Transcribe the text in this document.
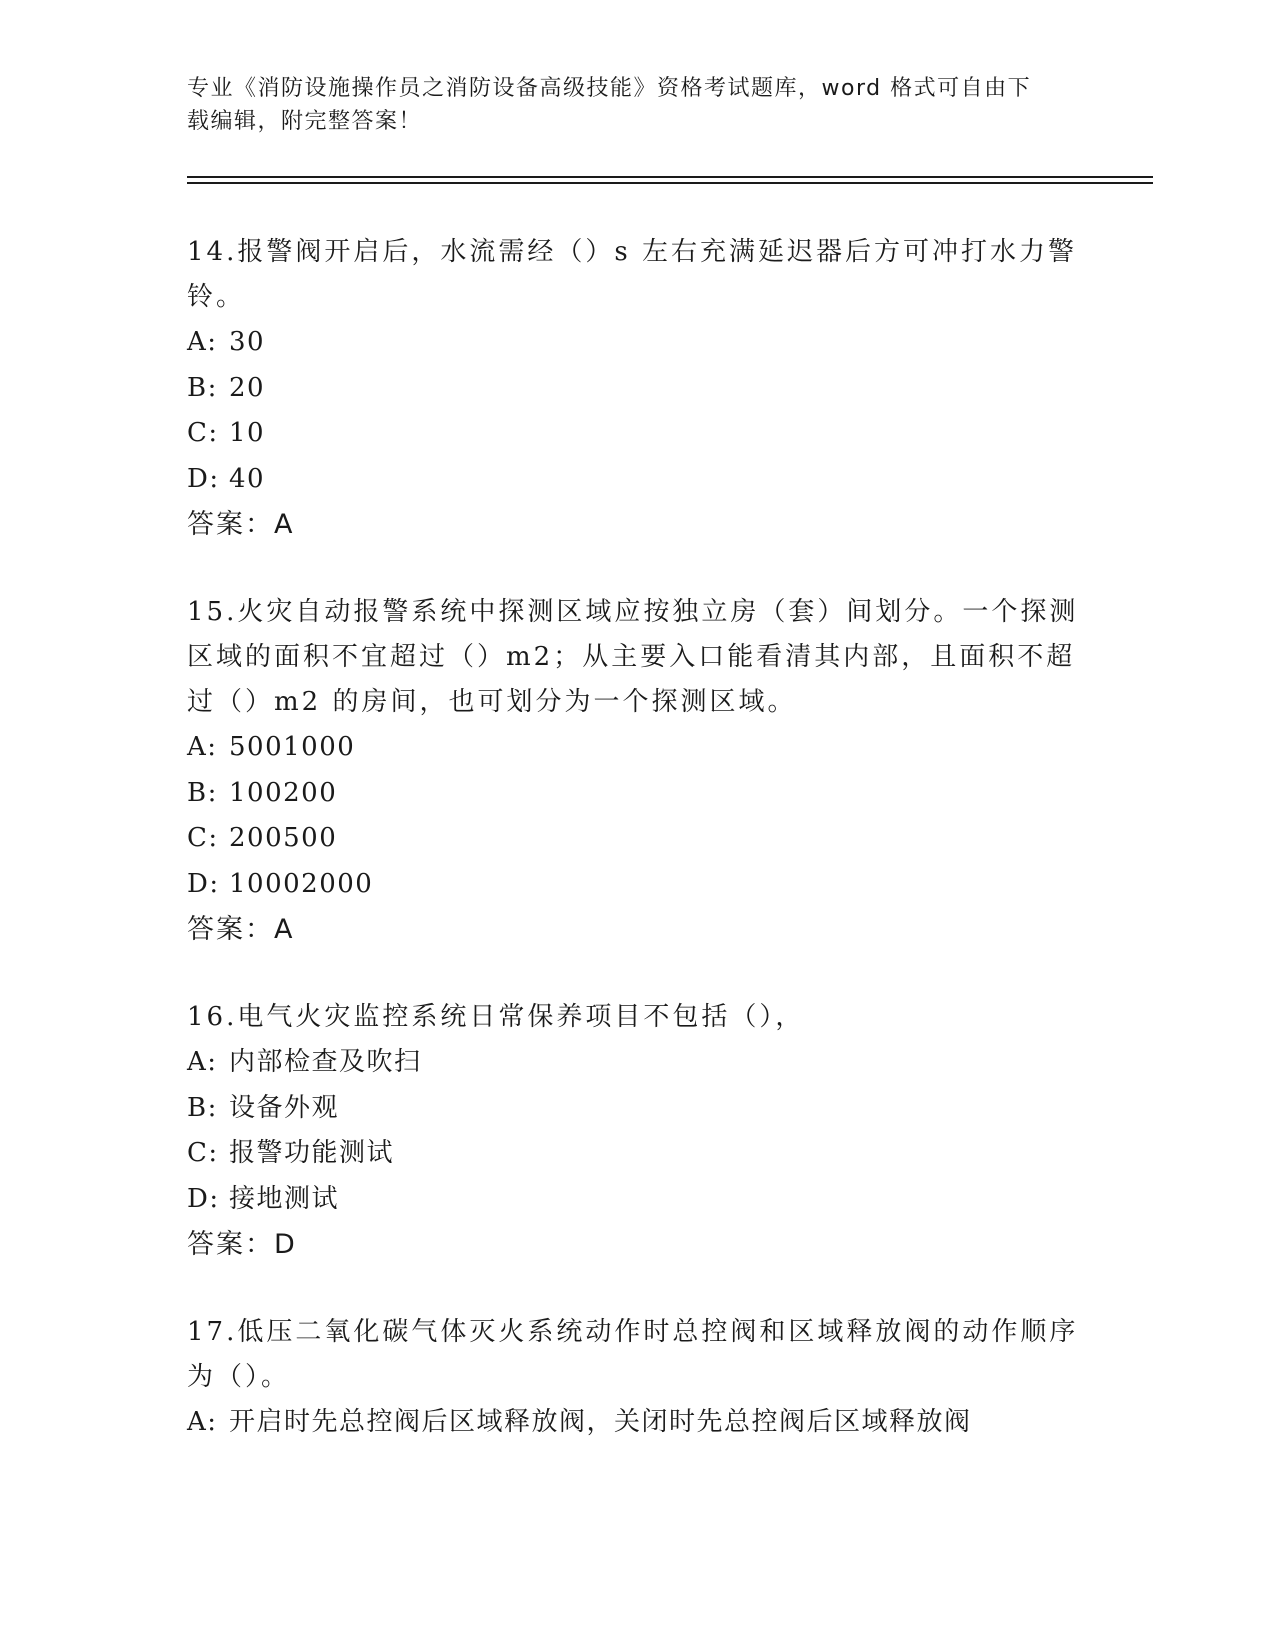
专业《消防设施操作员之消防设备高级技能》资格考试题库，word 格式可自由下
载编辑，附完整答案！
14.报警阀开启后，水流需经（）s 左右充满延迟器后方可冲打水力警
铃。
A: 30
B: 20
C: 10
D: 40
答案：A
15.火灾自动报警系统中探测区域应按独立房（套）间划分。一个探测
区域的面积不宜超过（）m2；从主要入口能看清其内部，且面积不超
过（）m2 的房间，也可划分为一个探测区域。
A: 5001000
B: 100200
C: 200500
D: 10002000
答案：A
16.电气火灾监控系统日常保养项目不包括（），
A: 内部检查及吹扫
B: 设备外观
C: 报警功能测试
D: 接地测试
答案：D
17.低压二氧化碳气体灭火系统动作时总控阀和区域释放阀的动作顺序
为（）。
A: 开启时先总控阀后区域释放阀，关闭时先总控阀后区域释放阀
